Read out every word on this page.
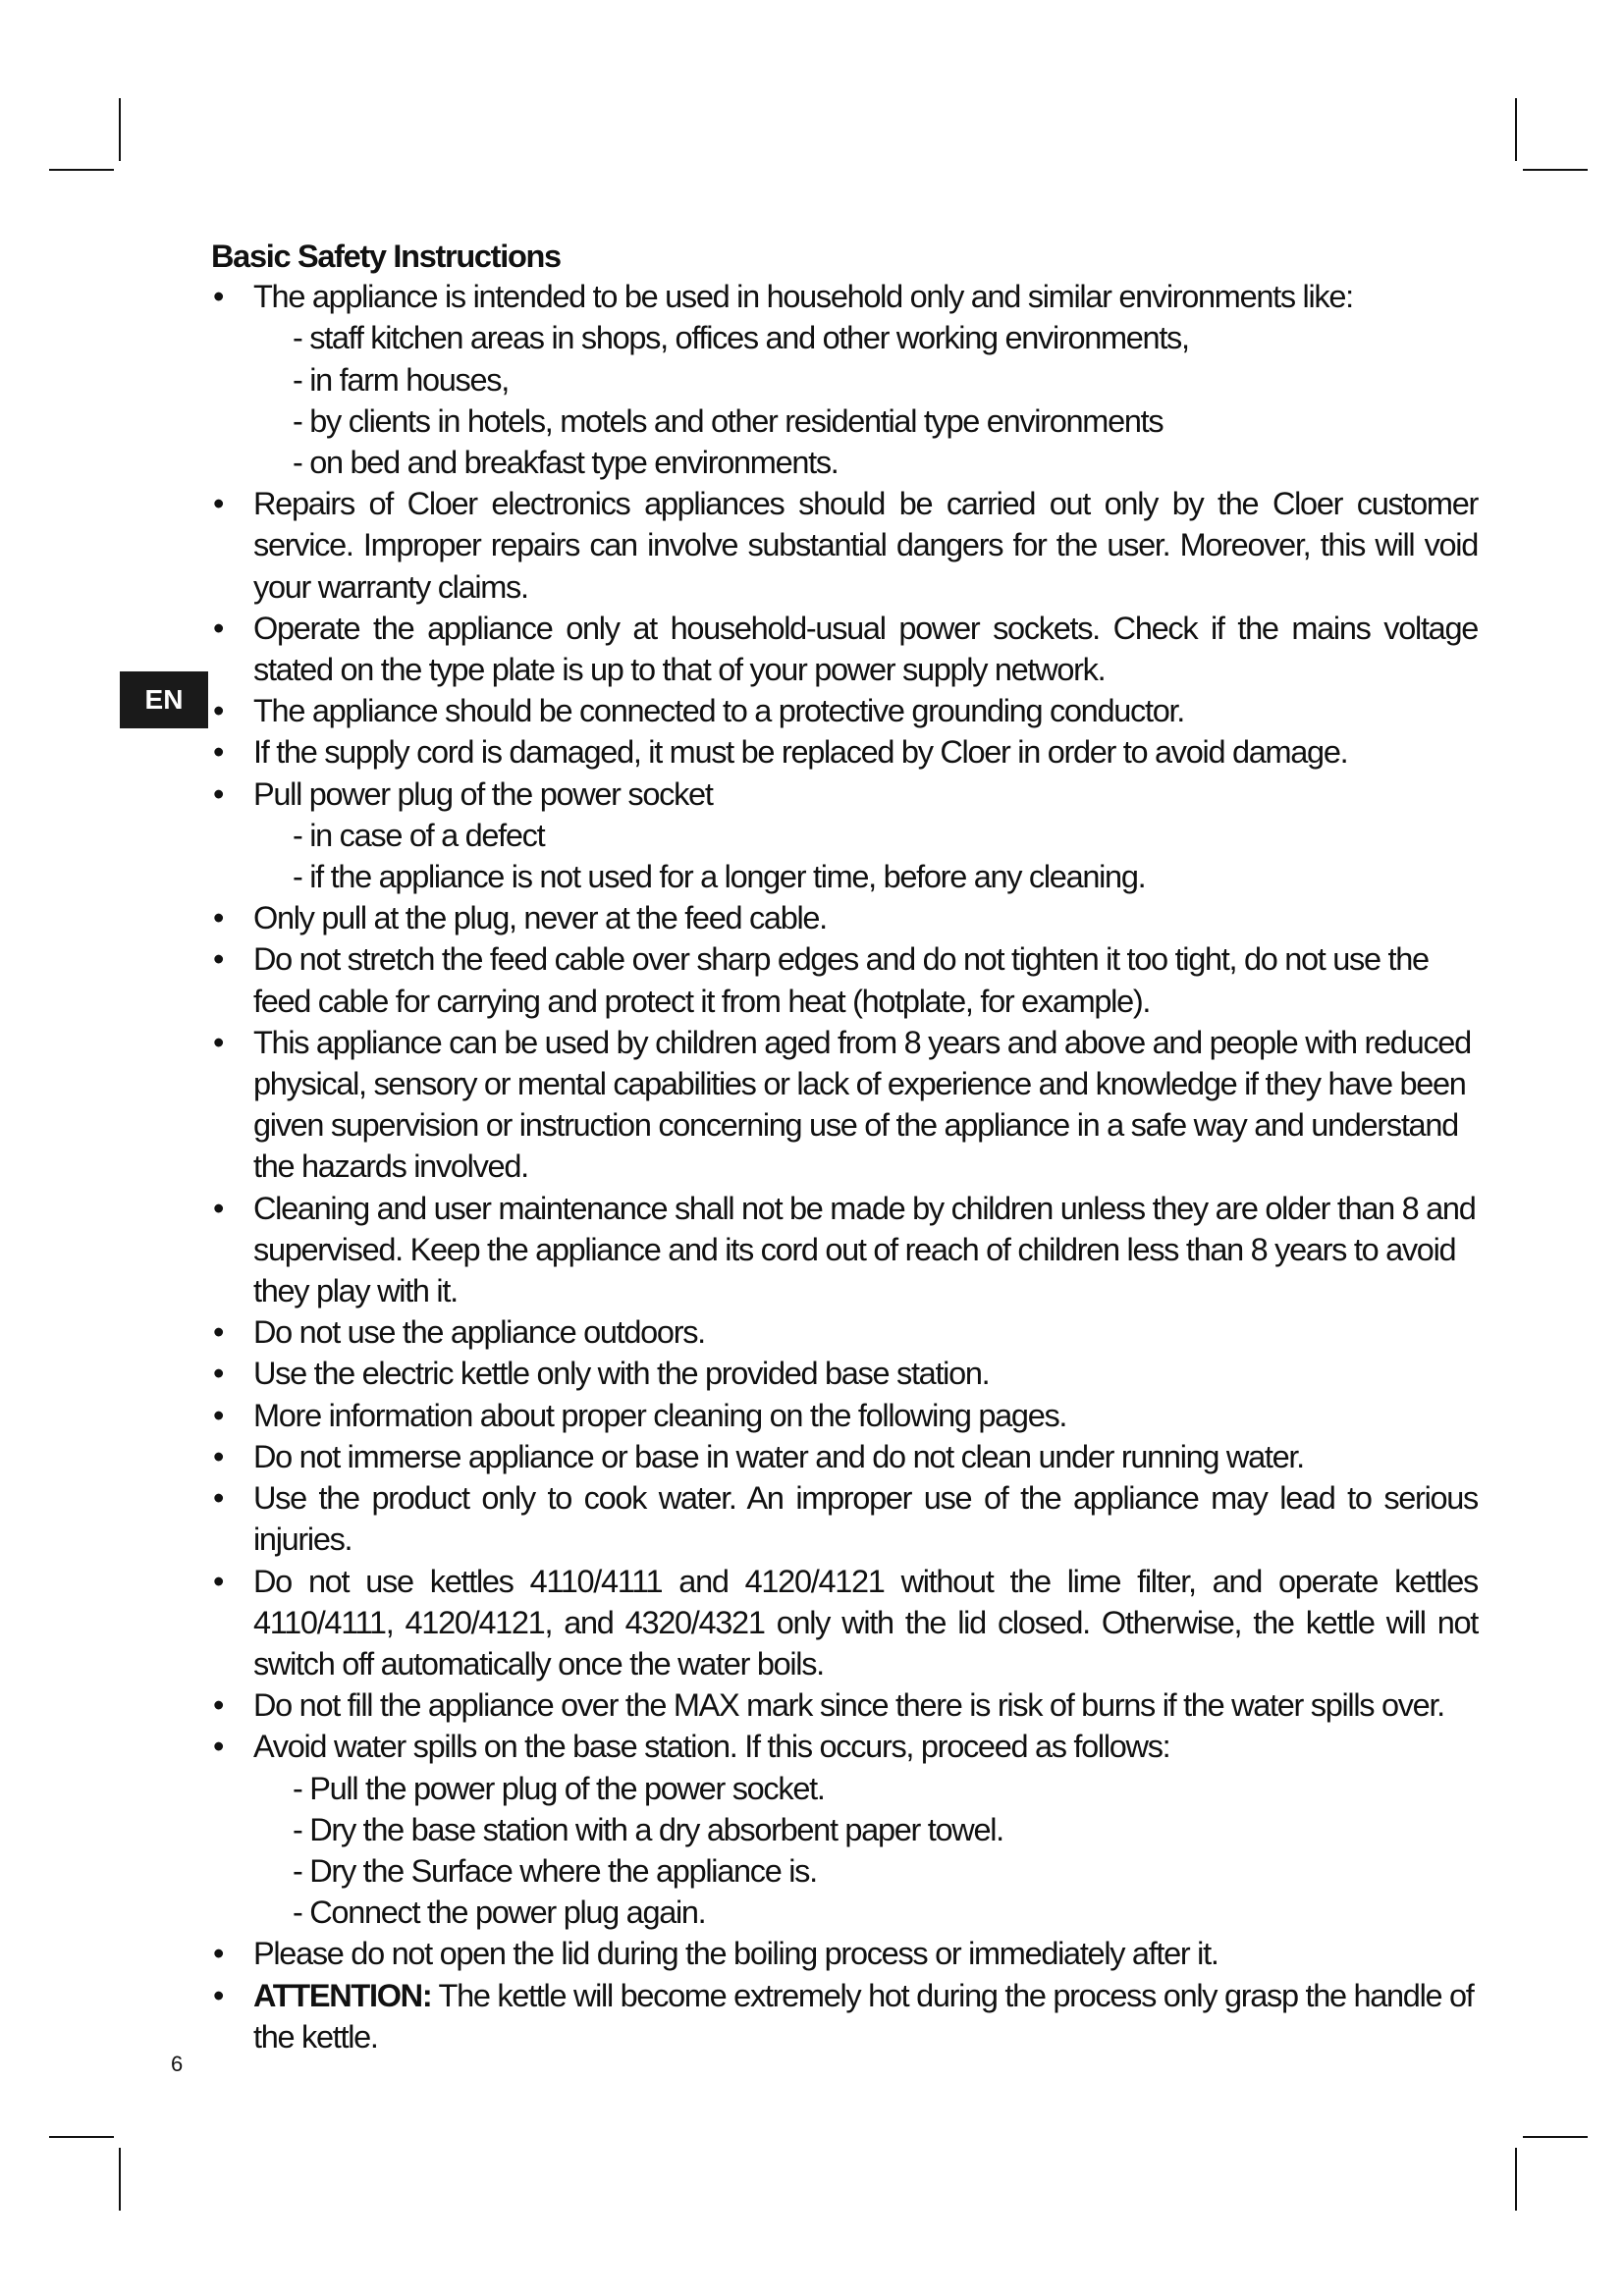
EN
Basic Safety Instructions
• The appliance is intended to be used in household only and similar environments like:
- staff kitchen areas in shops, offices and other working environments,
- in farm houses,
- by clients in hotels, motels and other residential type environments
- on bed and breakfast type environments.
• Repairs of Cloer electronics appliances should be carried out only by the Cloer customer service. Improper repairs can involve substantial dangers for the user. Moreover, this will void your warranty claims.
• Operate the appliance only at household-usual power sockets. Check if the mains voltage stated on the type plate is up to that of your power supply network.
• The appliance should be connected to a protective grounding conductor.
• If the supply cord is damaged, it must be replaced by Cloer in order to avoid damage.
• Pull power plug of the power socket
- in case of a defect
- if the appliance is not used for a longer time, before any cleaning.
• Only pull at the plug, never at the feed cable.
• Do not stretch the feed cable over sharp edges and do not tighten it too tight, do not use the feed cable for carrying and protect it from heat (hotplate, for example).
• This appliance can be used by children aged from 8 years and above and people with reduced physical, sensory or mental capabilities or lack of experience and knowledge if they have been given supervision or instruction concerning use of the appliance in a safe way and understand the hazards involved.
• Cleaning and user maintenance shall not be made by children unless they are older than 8 and supervised. Keep the appliance and its cord out of reach of children less than 8 years to avoid they play with it.
• Do not use the appliance outdoors.
• Use the electric kettle only with the provided base station.
• More information about proper cleaning on the following pages.
• Do not immerse appliance or base in water and do not clean under running water.
• Use the product only to cook water. An improper use of the appliance may lead to serious injuries.
• Do not use kettles 4110/4111 and 4120/4121 without the lime filter, and operate kettles 4110/4111, 4120/4121, and 4320/4321 only with the lid closed. Otherwise, the kettle will not switch off automatically once the water boils.
• Do not fill the appliance over the MAX mark since there is risk of burns if the water spills over.
• Avoid water spills on the base station. If this occurs, proceed as follows:
- Pull the power plug of the power socket.
- Dry the base station with a dry absorbent paper towel.
- Dry the Surface where the appliance is.
- Connect the power plug again.
• Please do not open the lid during the boiling process or immediately after it.
• ATTENTION: The kettle will become extremely hot during the process only grasp the handle of the kettle.
6
